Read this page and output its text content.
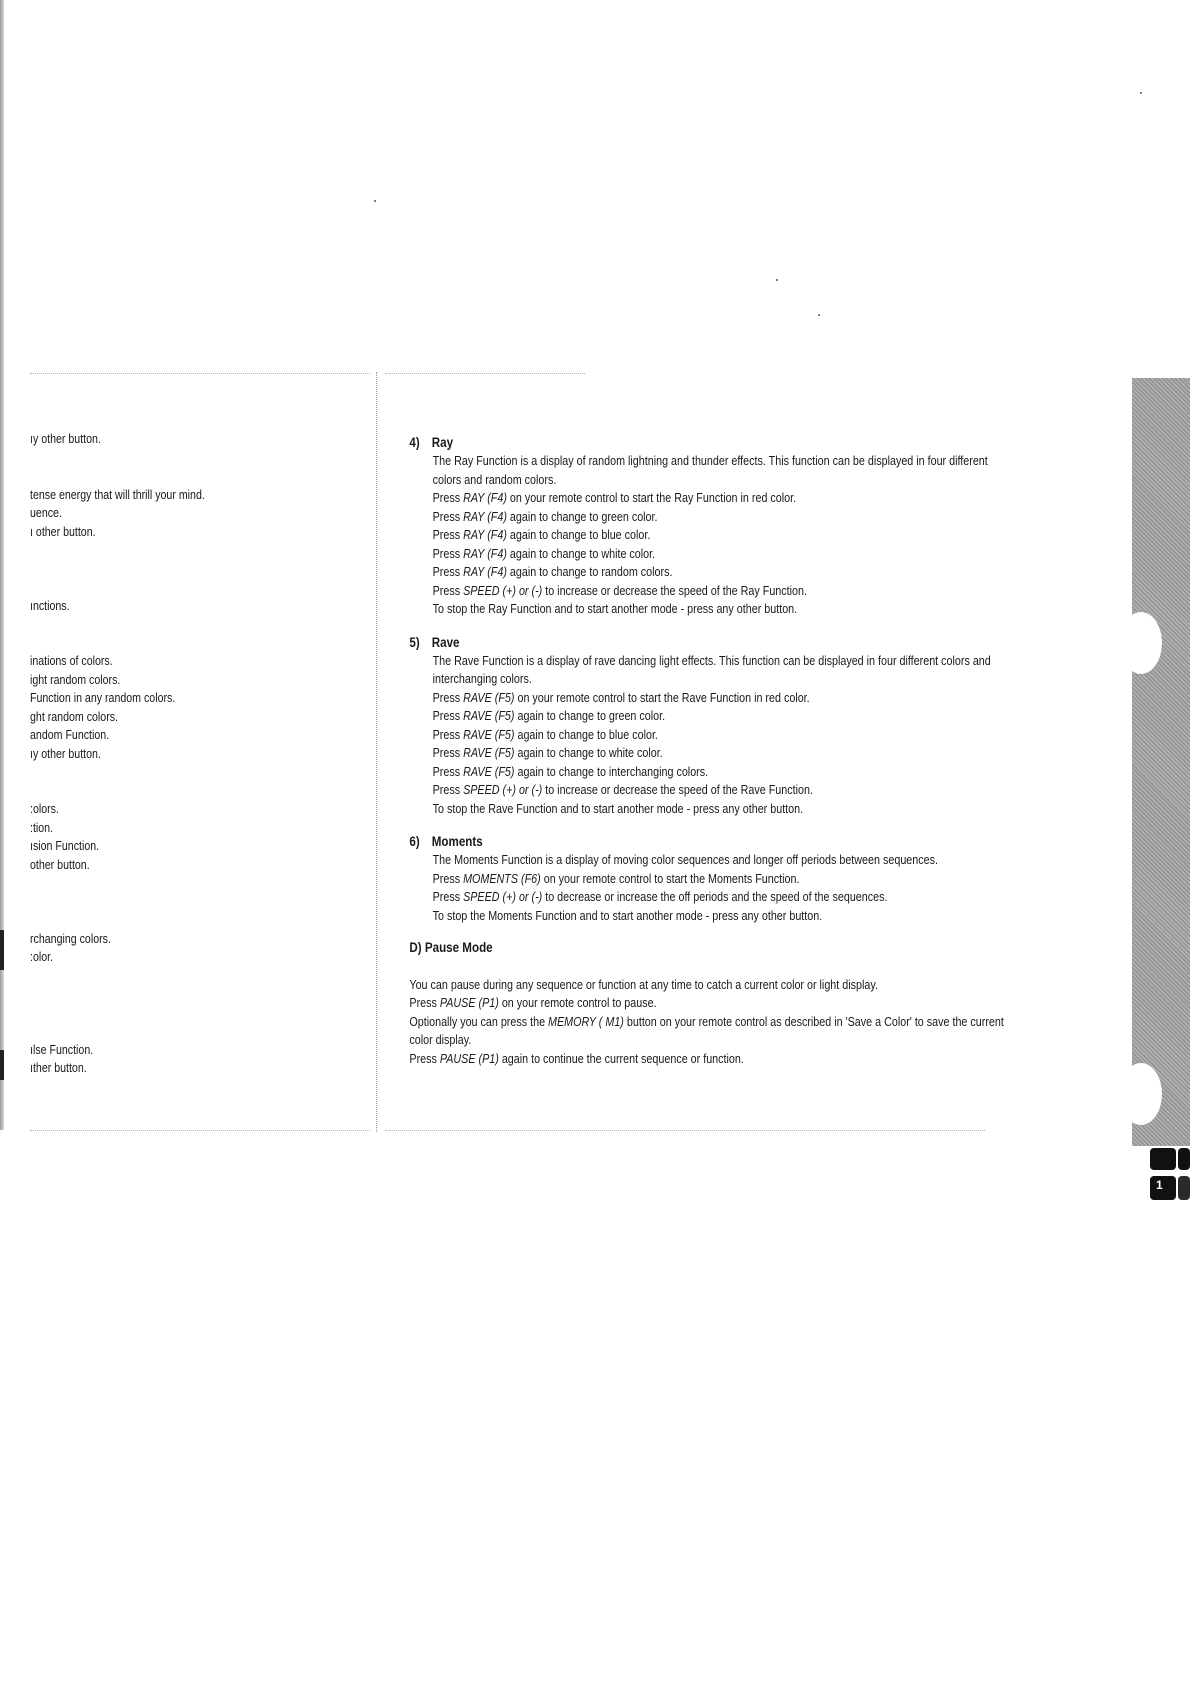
ıy other button.

tense energy that will thrill your mind.
uence.
ı other button.

ınctions.

inations of colors.
ight random colors.
Function in any random colors.
ght random colors.
andom Function.
ıy other button.

:olors.
:tion.
ısion Function.
other button.

rchanging colors.
:olor.

ılse Function.
ıther button.
4) Ray
The Ray Function is a display of random lightning and thunder effects. This function can be displayed in four different
colors and random colors.
Press RAY (F4) on your remote control to start the Ray Function in red color.
Press RAY (F4) again to change to green color.
Press RAY (F4) again to change to blue color.
Press RAY (F4) again to change to white color.
Press RAY (F4) again to change to random colors.
Press SPEED (+) or (-) to increase or decrease the speed of the Ray Function.
To stop the Ray Function and to start another mode - press any other button.
5) Rave
The Rave Function is a display of rave dancing light effects. This function can be displayed in four different colors and
interchanging colors.
Press RAVE (F5) on your remote control to start the Rave Function in red color.
Press RAVE (F5) again to change to green color.
Press RAVE (F5) again to change to blue color.
Press RAVE (F5) again to change to white color.
Press RAVE (F5) again to change to interchanging colors.
Press SPEED (+) or (-) to increase or decrease the speed of the Rave Function.
To stop the Rave Function and to start another mode - press any other button.
6) Moments
The Moments Function is a display of moving color sequences and longer off periods between sequences.
Press MOMENTS (F6) on your remote control to start the Moments Function.
Press SPEED (+) or (-) to decrease or increase the off periods and the speed of the sequences.
To stop the Moments Function and to start another mode - press any other button.
D) Pause Mode
You can pause during any sequence or function at any time to catch a current color or light display.
Press PAUSE (P1) on your remote control to pause.
Optionally you can press the MEMORY ( M1) button on your remote control as described in 'Save a Color' to save the current
color display.
Press PAUSE (P1) again to continue the current sequence or function.
1
